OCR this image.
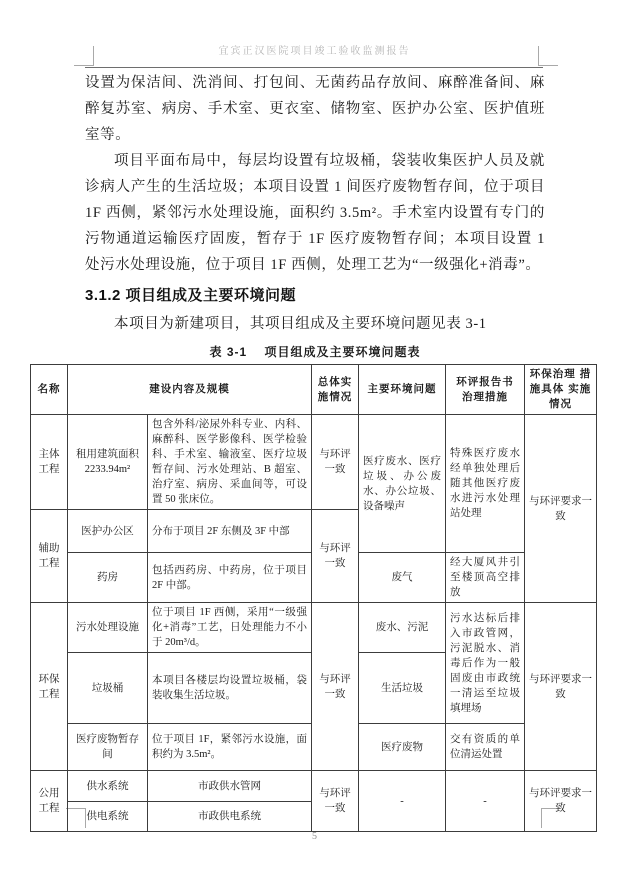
宜宾正汉医院项目竣工验收监测报告

设置为保洁间、洗消间、打包间、无菌药品存放间、麻醉准备间、麻醉复苏室、病房、手术室、更衣室、储物室、医护办公室、医护值班室等。

项目平面布局中，每层均设置有垃圾桶，袋装收集医护人员及就诊病人产生的生活垃圾；本项目设置 1 间医疗废物暂存间，位于项目 1F 西侧，紧邻污水处理设施，面积约 3.5m²。手术室内设置有专门的污物通道运输医疗固废，暂存于 1F 医疗废物暂存间；本项目设置 1 处污水处理设施，位于项目 1F 西侧，处理工艺为“一级强化+消毒”。

3.1.2 项目组成及主要环境问题

本项目为新建项目，其项目组成及主要环境问题见表 3-1

表 3-1　 项目组成及主要环境问题表
名称	建设内容及规模		总体实施情况	主要环境问题	环评报告书 治理措施	环保治理 措施具体 实施情况
主体工程	租用建筑面积 2233.94m²	包含外科/泌尿外科专业、内科、麻醉科、医学影像科、医学检验科、手术室、输液室、医疗垃圾暂存间、污水处理站、B 超室、治疗室、病房、采血间等，可设置 50 张床位。	与环评一致	医疗废水、医疗垃圾、办公废水、办公垃圾、设备噪声	特殊医疗废水经单独处理后随其他医疗废水进污水处理站处理	与环评要求一致
辅助工程	医护办公区	分布于项目 2F 东侧及 3F 中部	与环评一致			
	药房	包括西药房、中药房，位于项目 2F 中部。		废气	经大厦风井引至楼顶高空排放	
环保工程	污水处理设施	位于项目 1F 西侧，采用“一级强化+消毒”工艺，日处理能力不小于 20m³/d。	与环评一致	废水、污泥	污水达标后排入市政管网，污泥脱水、消毒后作为一般固废由市政统一清运至垃圾填埋场	与环评要求一致
	垃圾桶	本项目各楼层均设置垃圾桶，袋装收集生活垃圾。		生活垃圾		
	医疗废物暂存间	位于项目 1F，紧邻污水设施，面积约为 3.5m²。		医疗废物	交有资质的单位清运处置	
公用工程	供水系统	市政供水管网	与环评一致	-	-	与环评要求一致
	供电系统	市政供电系统				
5
